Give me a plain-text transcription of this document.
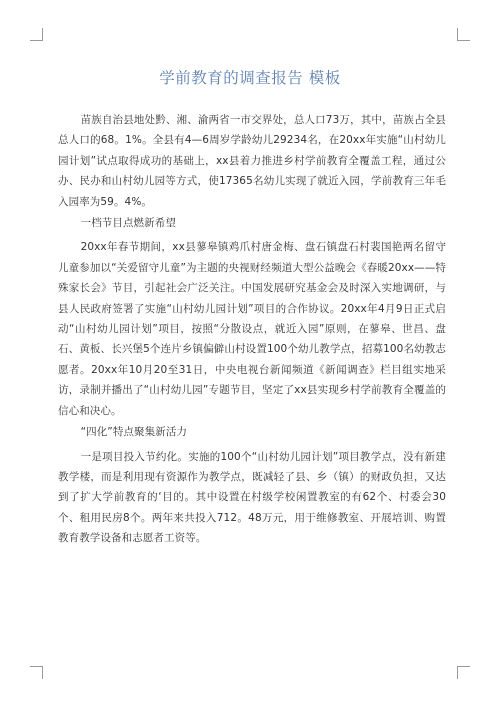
学前教育的调查报告 模板

苗族自治县地处黔、湘、渝两省一市交界处，总人口73万，其中，苗族占全县总人口的68。1%。全县有4—6周岁学龄幼儿29234名，在20xx年实施“山村幼儿园计划”试点取得成功的基础上，xx县着力推进乡村学前教育全覆盖工程，通过公办、民办和山村幼儿园等方式，使17365名幼儿实现了就近入园，学前教育三年毛入园率为59。4%。

一档节目点燃新希望

20xx年春节期间，xx县蓼皋镇鸡爪村唐金梅、盘石镇盘石村裴国艳两名留守儿童参加以“关爱留守儿童”为主题的央视财经频道大型公益晚会《春暖20xx——特殊家长会》节目，引起社会广泛关注。中国发展研究基金会及时深入实地调研，与县人民政府签署了实施“山村幼儿园计划”项目的合作协议。20xx年4月9日正式启动“山村幼儿园计划”项目，按照“分散设点，就近入园”原则，在蓼皋、世昌、盘石、黄板、长兴堡5个连片乡镇偏僻山村设置100个幼儿教学点，招募100名幼教志愿者。20xx年10月20至31日，中央电视台新闻频道《新闻调查》栏目组实地采访，录制并播出了“山村幼儿园”专题节目，坚定了xx县实现乡村学前教育全覆盖的信心和决心。

“四化”特点聚集新活力

一是项目投入节约化。实施的100个“山村幼儿园计划”项目教学点，没有新建教学楼，而是利用现有资源作为教学点，既减轻了县、乡（镇）的财政负担，又达到了扩大学前教育的‘目的。其中设置在村级学校闲置教室的有62个、村委会30个、租用民房8个。两年来共投入712。48万元，用于维修教室、开展培训、购置教育教学设备和志愿者工资等。
